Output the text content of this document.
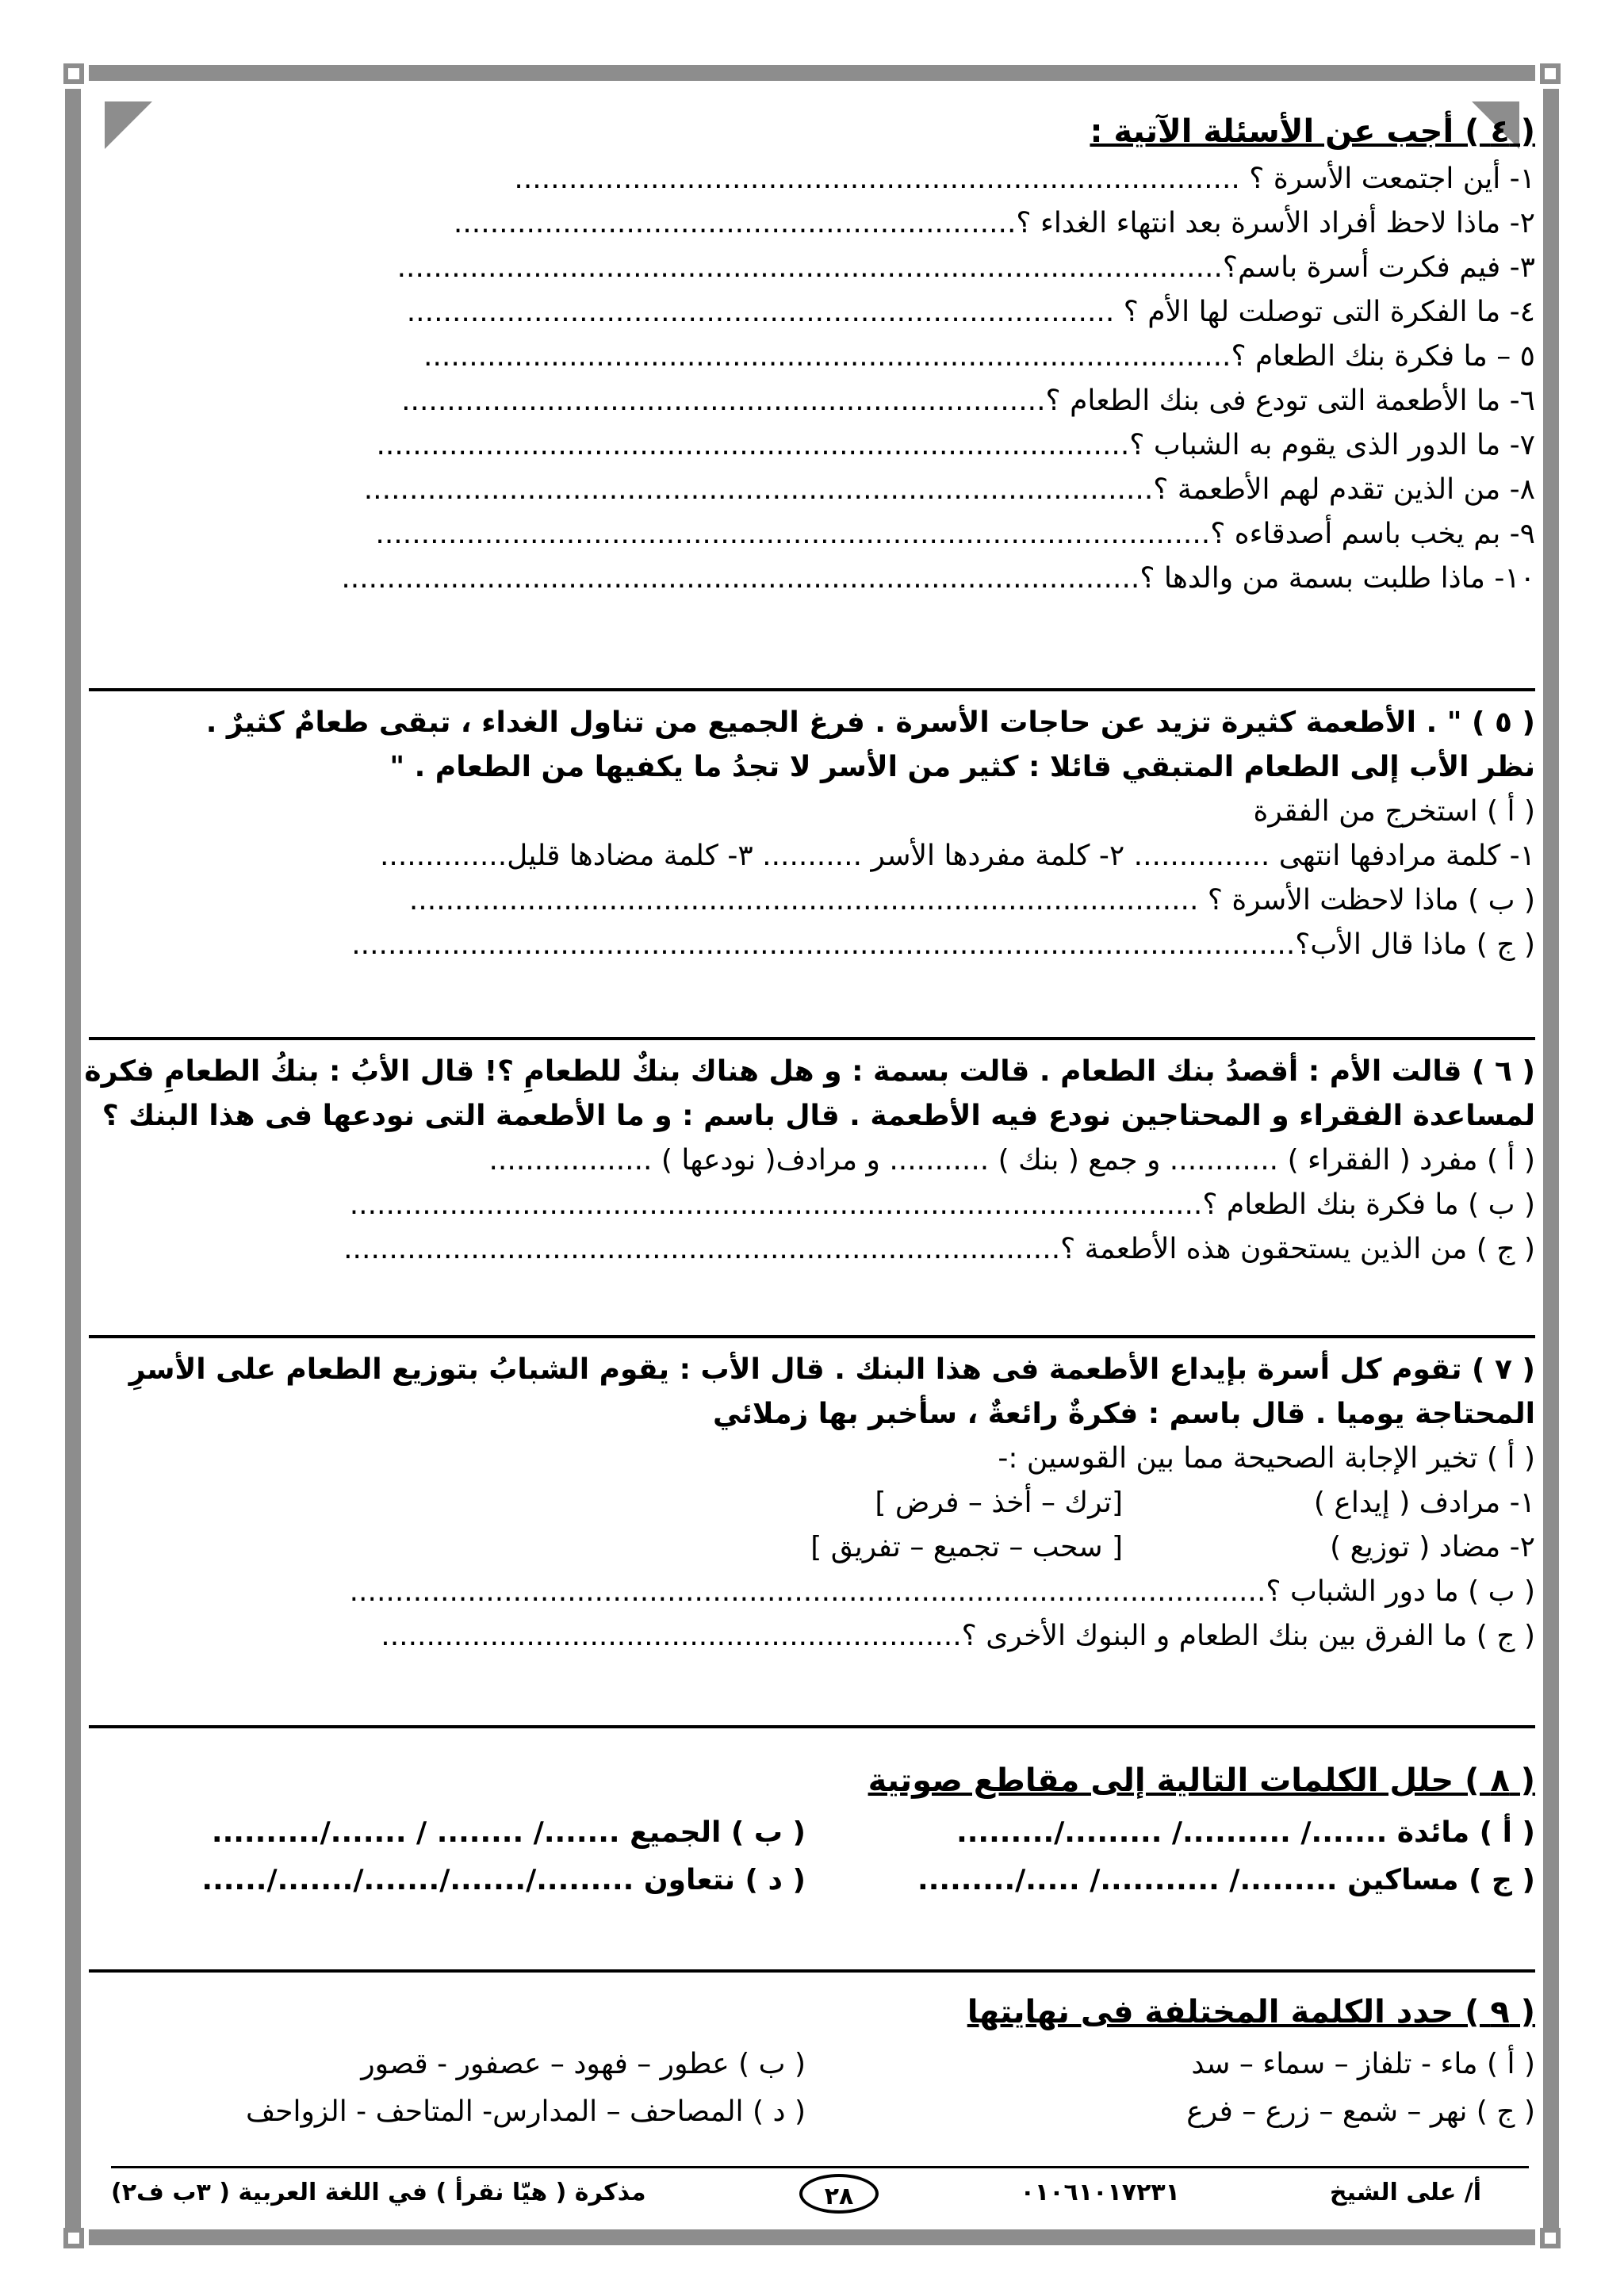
( ٤ ) أجب عن الأسئلة الآتية :
١- أين اجتمعت الأسرة ؟ ................................................................................
٢- ماذا لاحظ أفراد الأسرة بعد انتهاء الغداء ؟..............................................................
٣- فيم فكرت أسرة باسم؟...........................................................................................
٤- ما الفكرة التى توصلت لها الأم ؟ ..............................................................................
٥ – ما فكرة بنك الطعام ؟.........................................................................................
٦- ما الأطعمة التى تودع فى بنك الطعام ؟.......................................................................
٧- ما الدور الذى يقوم به الشباب ؟...................................................................................
٨- من الذين تقدم لهم الأطعمة ؟.......................................................................................
٩- بم يخب باسم أصدقاءه ؟............................................................................................
١٠- ماذا طلبت بسمة من والدها ؟........................................................................................
( ٥ ) " . الأطعمة كثيرة تزيد عن حاجات الأسرة . فرغ الجميع من تناول الغداء ، تبقى طعامٌ كثيرٌ .
نظر الأب إلى الطعام المتبقي قائلا : كثير من الأسر لا تجدُ ما يكفيها من الطعام . "
( أ ) استخرج من الفقرة
١- كلمة مرادفها انتهى ............... ٢- كلمة مفردها الأسر ........... ٣- كلمة مضادها قليل..............
( ب ) ماذا لاحظت الأسرة ؟ .......................................................................................
( ج ) ماذا قال الأب؟........................................................................................................
( ٦ ) قالت الأم : أقصدُ بنك الطعام . قالت بسمة : و هل هناك بنكٌ للطعامِ ؟! قال الأبُ : بنكُ الطعامِ فكرة
لمساعدة الفقراء و المحتاجين نودع فيه الأطعمة . قال باسم : و ما الأطعمة التى نودعها فى هذا البنك ؟
( أ ) مفرد ( الفقراء ) ............ و جمع ( بنك ) ........... و مرادف( نودعها ) ..................
( ب ) ما فكرة بنك الطعام ؟..............................................................................................
( ج ) من الذين يستحقون هذه الأطعمة ؟...............................................................................
( ٧ ) تقوم كل أسرة بإيداع الأطعمة فى هذا البنك . قال الأب : يقوم الشبابُ بتوزيع الطعام على الأسرِ
المحتاجة يوميا . قال باسم : فكرةٌ رائعةٌ ، سأخبر بها زملائي
( أ ) تخير الإجابة الصحيحة مما بين القوسين :-
١- مرادف ( إيداع )
[ترك – أخذ – فرض ]
٢- مضاد ( توزيع )
[ سحب – تجميع – تفريق ]
( ب ) ما دور الشباب ؟.....................................................................................................
( ج ) ما الفرق بين بنك الطعام و البنوك الأخرى ؟................................................................
( ٨ ) حلل الكلمات التالية إلى مقاطع صوتية
( أ ) مائدة ......./ ........../ ........./.........
( ب ) الجميع ......./ ........ / ......./..........
( ج ) مساكين ........./ .........../ ...../.........
( د ) نتعاون ........./......./......./......./......
( ٩ ) حدد الكلمة المختلفة فى نهايتها
( أ ) ماء - تلفاز – سماء – سد
( ب ) عطور – فهود – عصفور - قصور
( ج ) نهر – شمع – زرع – فرع
( د ) المصاحف – المدارس- المتاحف - الزواحف
أ/ على الشيخ
٠١٠٦١٠١٧٢٣١
٢٨
مذكرة ( هيّا نقرأ ) في اللغة العربية ( ٣ب ف٢)
